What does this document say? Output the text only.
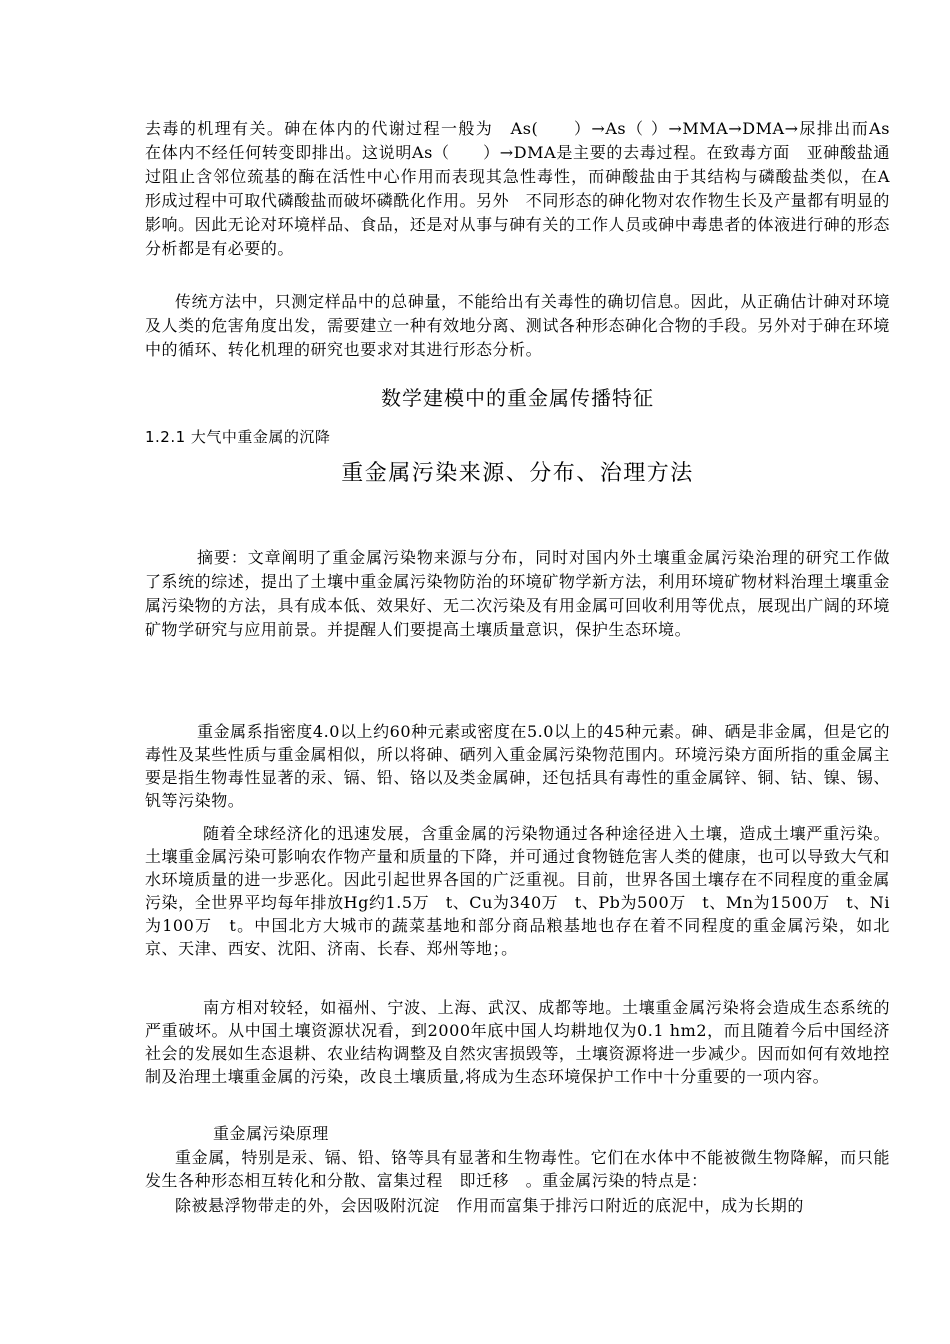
去毒的机理有关。砷在体内的代谢过程一般为　As(　　）→As（ ）→MMA→DMA→尿排出而As　在体内不经任何转变即排出。这说明As（　　）→DMA是主要的去毒过程。在致毒方面　亚砷酸盐通过阻止含邻位巯基的酶在活性中心作用而表现其急性毒性，而砷酸盐由于其结构与磷酸盐类似，在A　　形成过程中可取代磷酸盐而破坏磷酰化作用。另外　不同形态的砷化物对农作物生长及产量都有明显的影响。因此无论对环境样品、食品，还是对从事与砷有关的工作人员或砷中毒患者的体液进行砷的形态分析都是有必要的。

传统方法中，只测定样品中的总砷量，不能给出有关毒性的确切信息。因此，从正确估计砷对环境及人类的危害角度出发，需要建立一种有效地分离、测试各种形态砷化合物的手段。另外对于砷在环境中的循环、转化机理的研究也要求对其进行形态分析。

数学建模中的重金属传播特征

1.2.1 大气中重金属的沉降

重金属污染来源、分布、治理方法

摘要：文章阐明了重金属污染物来源与分布，同时对国内外土壤重金属污染治理的研究工作做了系统的综述，提出了土壤中重金属污染物防治的环境矿物学新方法，利用环境矿物材料治理土壤重金属污染物的方法，具有成本低、效果好、无二次污染及有用金属可回收利用等优点，展现出广阔的环境矿物学研究与应用前景。并提醒人们要提高土壤质量意识，保护生态环境。

重金属系指密度4.0以上约60种元素或密度在5.0以上的45种元素。砷、硒是非金属，但是它的毒性及某些性质与重金属相似，所以将砷、硒列入重金属污染物范围内。环境污染方面所指的重金属主要是指生物毒性显著的汞、镉、铅、铬以及类金属砷，还包括具有毒性的重金属锌、铜、钴、镍、锡、钒等污染物。

随着全球经济化的迅速发展，含重金属的污染物通过各种途径进入土壤，造成土壤严重污染。土壤重金属污染可影响农作物产量和质量的下降，并可通过食物链危害人类的健康，也可以导致大气和水环境质量的进一步恶化。因此引起世界各国的广泛重视。目前，世界各国土壤存在不同程度的重金属污染，全世界平均每年排放Hg约1.5万　t、Cu为340万　t、Pb为500万　t、Mn为1500万　t、Ni为100万　t。中国北方大城市的蔬菜基地和部分商品粮基地也存在着不同程度的重金属污染，如北京、天津、西安、沈阳、济南、长春、郑州等地；。

南方相对较轻，如福州、宁波、上海、武汉、成都等地。土壤重金属污染将会造成生态系统的严重破坏。从中国土壤资源状况看，到2000年底中国人均耕地仅为0.1 hm2，而且随着今后中国经济社会的发展如生态退耕、农业结构调整及自然灾害损毁等，土壤资源将进一步减少。因而如何有效地控制及治理土壤重金属的污染，改良土壤质量,将成为生态环境保护工作中十分重要的一项内容。

重金属污染原理

重金属，特别是汞、镉、铅、铬等具有显著和生物毒性。它们在水体中不能被微生物降解，而只能发生各种形态相互转化和分散、富集过程　即迁移　。重金属污染的特点是：

除被悬浮物带走的外，会因吸附沉淀　作用而富集于排污口附近的底泥中，成为长期的
